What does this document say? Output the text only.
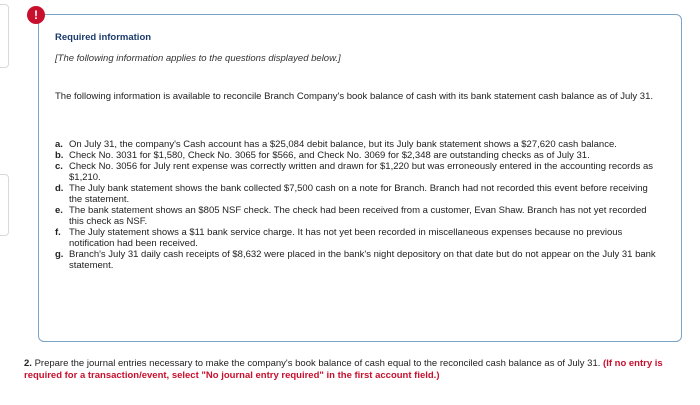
Required information
[The following information applies to the questions displayed below.]
The following information is available to reconcile Branch Company's book balance of cash with its bank statement cash balance as of July 31.
a. On July 31, the company's Cash account has a $25,084 debit balance, but its July bank statement shows a $27,620 cash balance.
b. Check No. 3031 for $1,580, Check No. 3065 for $566, and Check No. 3069 for $2,348 are outstanding checks as of July 31.
c. Check No. 3056 for July rent expense was correctly written and drawn for $1,220 but was erroneously entered in the accounting records as $1,210.
d. The July bank statement shows the bank collected $7,500 cash on a note for Branch. Branch had not recorded this event before receiving the statement.
e. The bank statement shows an $805 NSF check. The check had been received from a customer, Evan Shaw. Branch has not yet recorded this check as NSF.
f. The July statement shows a $11 bank service charge. It has not yet been recorded in miscellaneous expenses because no previous notification had been received.
g. Branch's July 31 daily cash receipts of $8,632 were placed in the bank's night depository on that date but do not appear on the July 31 bank statement.
!
2. Prepare the journal entries necessary to make the company's book balance of cash equal to the reconciled cash balance as of July 31. (If no entry is required for a transaction/event, select "No journal entry required" in the first account field.)
